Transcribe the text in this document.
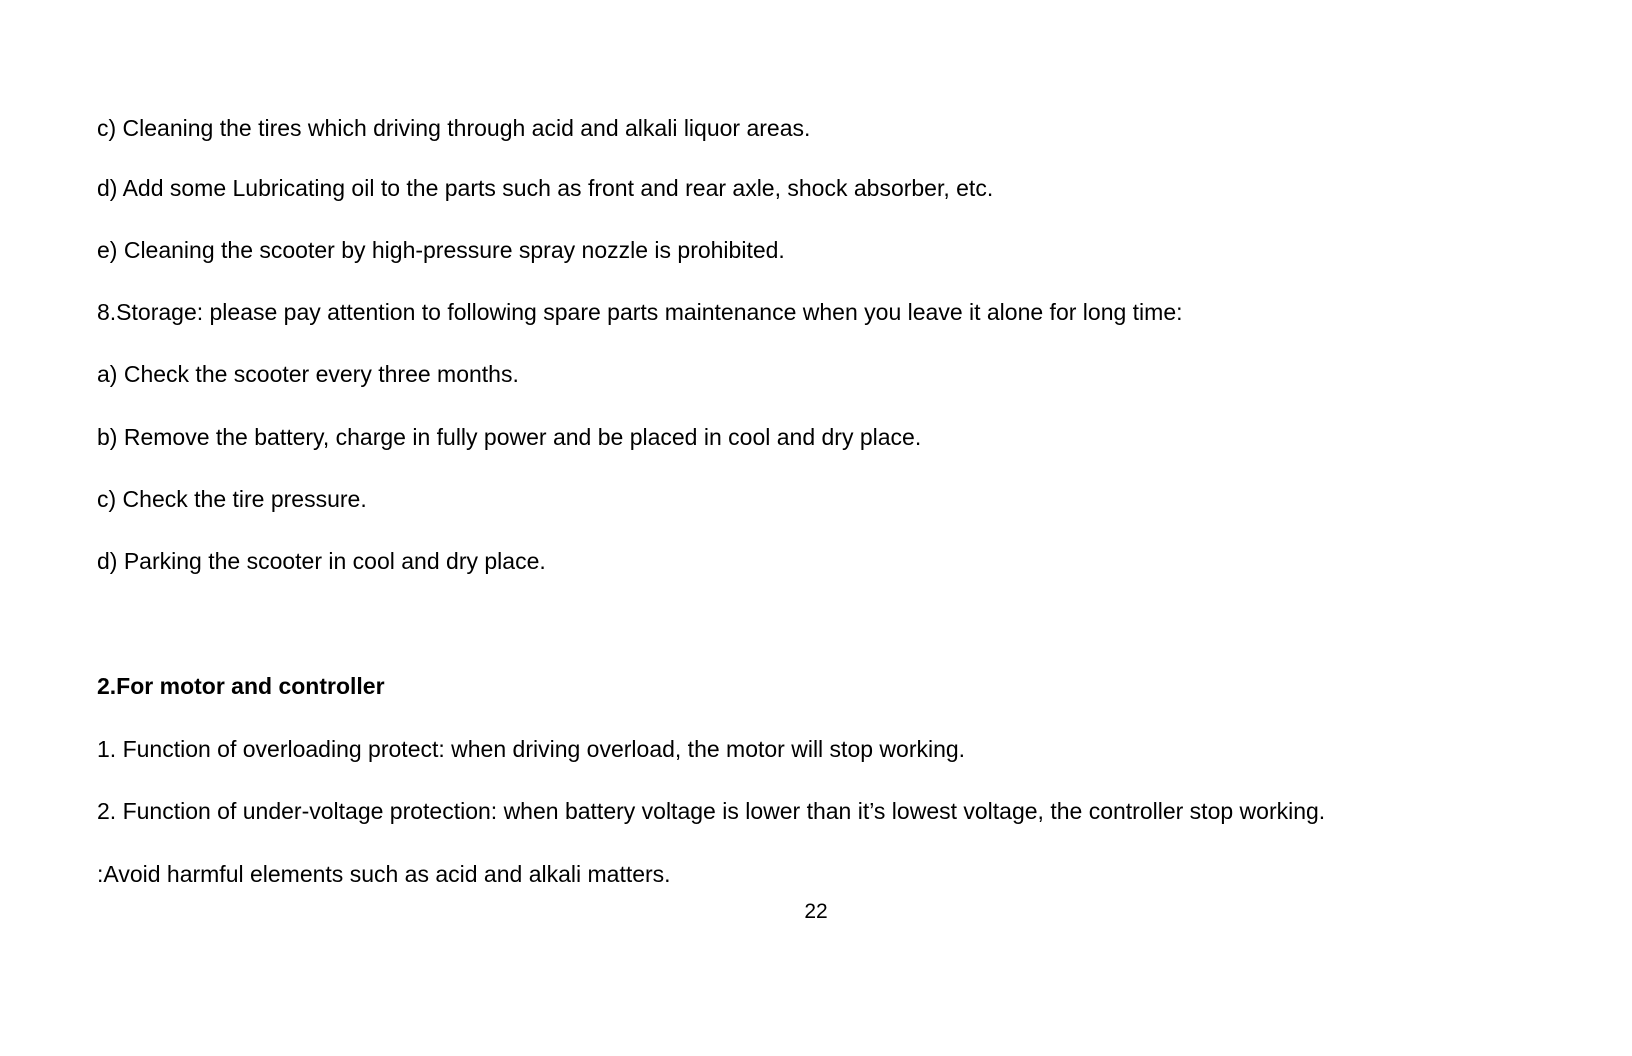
c) Cleaning the tires which driving through acid and alkali liquor areas.
d) Add some Lubricating oil to the parts such as front and rear axle, shock absorber, etc.
e) Cleaning the scooter by high-pressure spray nozzle is prohibited.
8.Storage: please pay attention to following spare parts maintenance when you leave it alone for long time:
a) Check the scooter every three months.
b) Remove the battery, charge in fully power and be placed in cool and dry place.
c) Check the tire pressure.
d) Parking the scooter in cool and dry place.
2.For motor and controller
1. Function of overloading protect: when driving overload, the motor will stop working.
2. Function of under-voltage protection: when battery voltage is lower than it’s lowest voltage, the controller stop working.
:Avoid harmful elements such as acid and alkali matters.
22
